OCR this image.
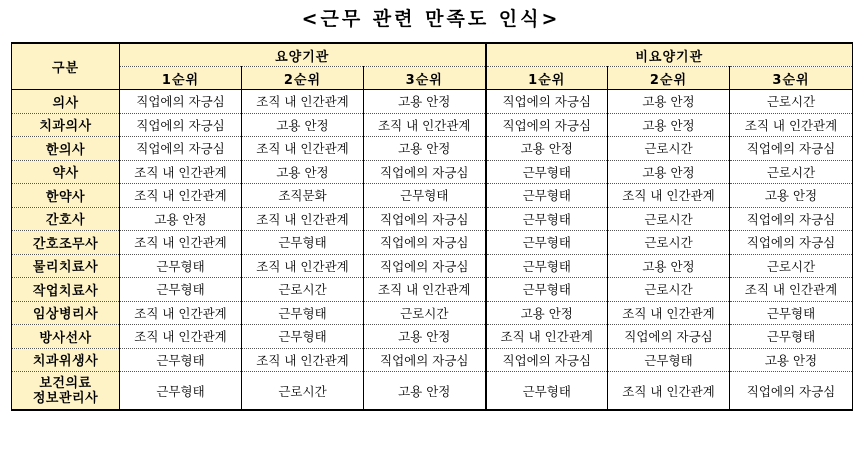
<근무 관련 만족도 인식>
구분	요양기관			비요양기관		
	1순위	2순위	3순위	1순위	2순위	3순위
의사	직업에의 자긍심	조직 내 인간관계	고용 안정	직업에의 자긍심	고용 안정	근로시간
치과의사	직업에의 자긍심	고용 안정	조직 내 인간관계	직업에의 자긍심	고용 안정	조직 내 인간관계
한의사	직업에의 자긍심	조직 내 인간관계	고용 안정	고용 안정	근로시간	직업에의 자긍심
약사	조직 내 인간관계	고용 안정	직업에의 자긍심	근무형태	고용 안정	근로시간
한약사	조직 내 인간관계	조직문화	근무형태	근무형태	조직 내 인간관계	고용 안정
간호사	고용 안정	조직 내 인간관계	직업에의 자긍심	근무형태	근로시간	직업에의 자긍심
간호조무사	조직 내 인간관계	근무형태	직업에의 자긍심	근무형태	근로시간	직업에의 자긍심
물리치료사	근무형태	조직 내 인간관계	직업에의 자긍심	근무형태	고용 안정	근로시간
작업치료사	근무형태	근로시간	조직 내 인간관계	근무형태	근로시간	조직 내 인간관계
임상병리사	조직 내 인간관계	근무형태	근로시간	고용 안정	조직 내 인간관계	근무형태
방사선사	조직 내 인간관계	근무형태	고용 안정	조직 내 인간관계	직업에의 자긍심	근무형태
치과위생사	근무형태	조직 내 인간관계	직업에의 자긍심	직업에의 자긍심	근무형태	고용 안정

보건의료
정보관리사	근무형태	근로시간	고용 안정	근무형태	조직 내 인간관계	직업에의 자긍심
